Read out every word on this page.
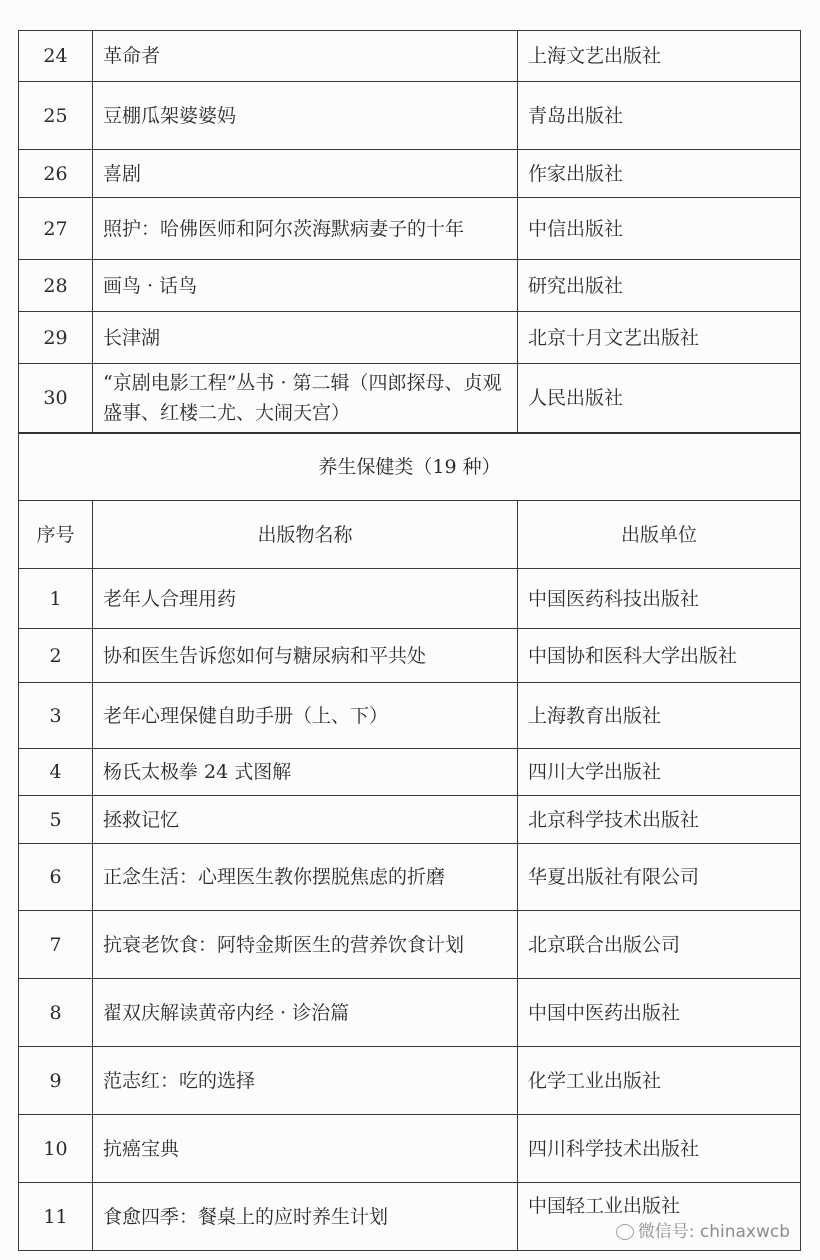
24	革命者	上海文艺出版社

25	豆棚瓜架婆婆妈	青岛出版社

26	喜剧	作家出版社

27	照护：哈佛医师和阿尔茨海默病妻子的十年	中信出版社

28	画鸟 · 话鸟	研究出版社

29	长津湖	北京十月文艺出版社

30	“京剧电影工程”丛书 · 第二辑（四郎探母、贞观盛事、红楼二尤、大闹天宫）	人民出版社

养生保健类（19 种）		
序号	出版物名称	出版单位
1	老年人合理用药	中国医药科技出版社

2	协和医生告诉您如何与糖尿病和平共处	中国协和医科大学出版社

3	老年心理保健自助手册（上、下）	上海教育出版社

4	杨氏太极拳 24 式图解	四川大学出版社

5	拯救记忆	北京科学技术出版社

6	正念生活：心理医生教你摆脱焦虑的折磨	华夏出版社有限公司

7	抗衰老饮食：阿特金斯医生的营养饮食计划	北京联合出版公司

8	翟双庆解读黄帝内经 · 诊治篇	中国中医药出版社

9	范志红：吃的选择	化学工业出版社

10	抗癌宝典	四川科学技术出版社

11	食愈四季：餐桌上的应时养生计划	中国轻工业出版社
微信号: chinaxwcb
